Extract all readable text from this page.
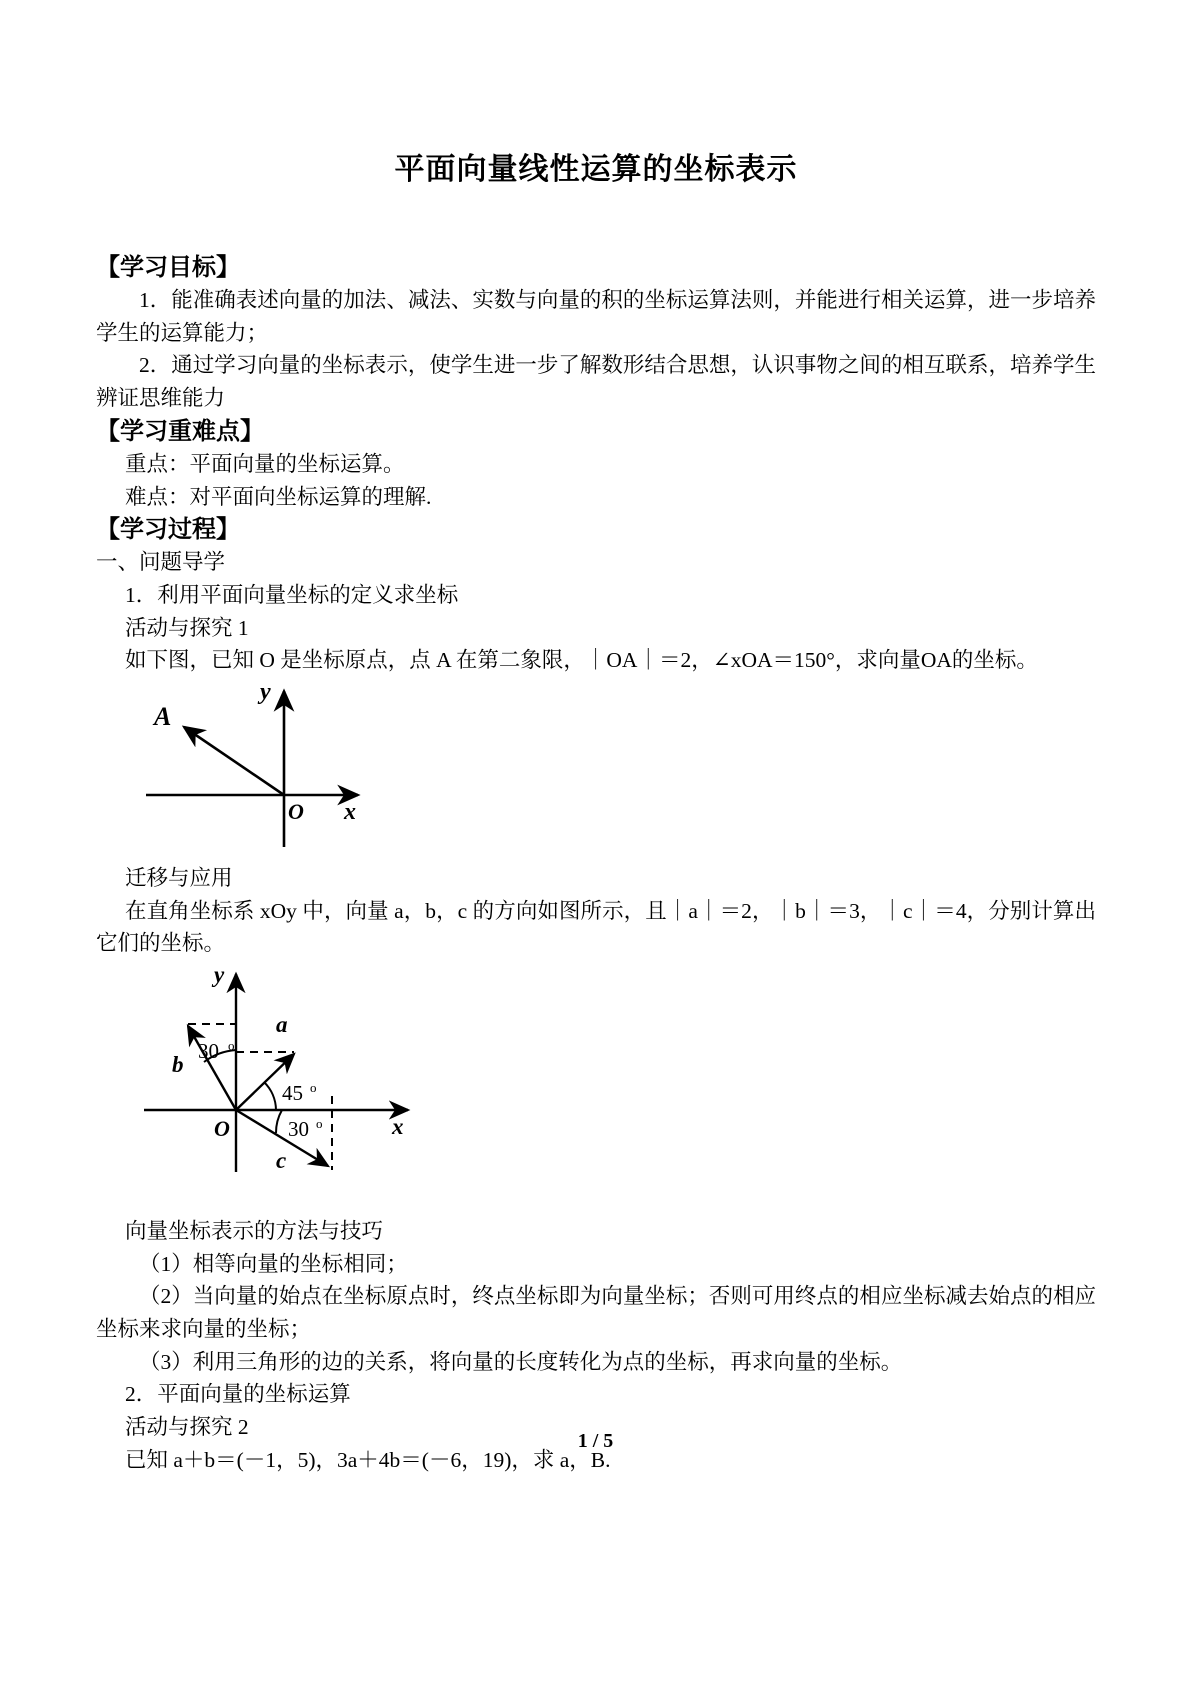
平面向量线性运算的坐标表示
【学习目标】

1．能准确表述向量的加法、减法、实数与向量的积的坐标运算法则，并能进行相关运算，进一步培养学生的运算能力；

2．通过学习向量的坐标表示，使学生进一步了解数形结合思想，认识事物之间的相互联系，培养学生辨证思维能力

【学习重难点】

重点：平面向量的坐标运算。

难点：对平面向坐标运算的理解.

【学习过程】

一、问题导学

1．利用平面向量坐标的定义求坐标

活动与探究 1

如下图，已知 O 是坐标原点，点 A 在第二象限，｜OA｜＝2，∠xOA＝150°，求向量OA的坐标。

y
x
O
A

迁移与应用

在直角坐标系 xOy 中，向量 a，b，c 的方向如图所示，且｜a｜＝2，｜b｜＝3，｜c｜＝4，分别计算出它们的坐标。

y
x
O
b
a
c
30 o
45 o
30 o

向量坐标表示的方法与技巧

（1）相等向量的坐标相同；

（2）当向量的始点在坐标原点时，终点坐标即为向量坐标；否则可用终点的相应坐标减去始点的相应坐标来求向量的坐标；

（3）利用三角形的边的关系，将向量的长度转化为点的坐标，再求向量的坐标。

2．平面向量的坐标运算

活动与探究 2

已知 a＋b＝(－1，5)，3a＋4b＝(－6，19)，求 a，B.

1 / 5
